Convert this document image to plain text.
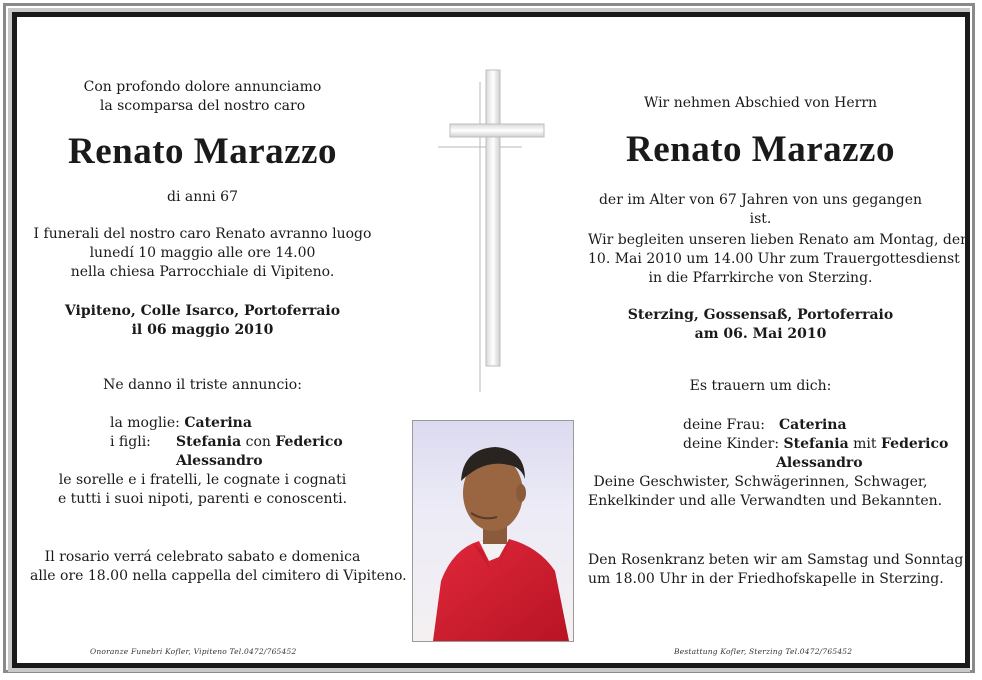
Con profondo dolore annunciamo
la scomparsa del nostro caro
Renato Marazzo
di anni 67
I funerali del nostro caro Renato avranno luogo
lunedí 10 maggio alle ore 14.00
nella chiesa Parrocchiale di Vipiteno.
Vipiteno, Colle Isarco, Portoferraio
il 06 maggio 2010
Ne danno il triste annuncio:
la moglie: Caterina
i figli: Stefania con Federico
Alessandro
le sorelle e i fratelli, le cognate i cognati
e tutti i suoi nipoti, parenti e conoscenti.
Il rosario verrá celebrato sabato e domenica
alle ore 18.00 nella cappella del cimitero di Vipiteno.
Onoranze Funebri Kofler, Vipiteno Tel.0472/765452
Wir nehmen Abschied von Herrn
Renato Marazzo
der im Alter von 67 Jahren von uns gegangen ist.
Wir begleiten unseren lieben Renato am Montag, den
10. Mai 2010 um 14.00 Uhr zum Trauergottesdienst
in die Pfarrkirche von Sterzing.
Sterzing, Gossensaß, Portoferraio
am 06. Mai 2010
Es trauern um dich:
deine Frau: Caterina
deine Kinder: Stefania mit Federico
Alessandro
Deine Geschwister, Schwägerinnen, Schwager,
Enkelkinder und alle Verwandten und Bekannten.
Den Rosenkranz beten wir am Samstag und Sonntag
um 18.00 Uhr in der Friedhofskapelle in Sterzing.
Bestattung Kofler, Sterzing Tel.0472/765452
